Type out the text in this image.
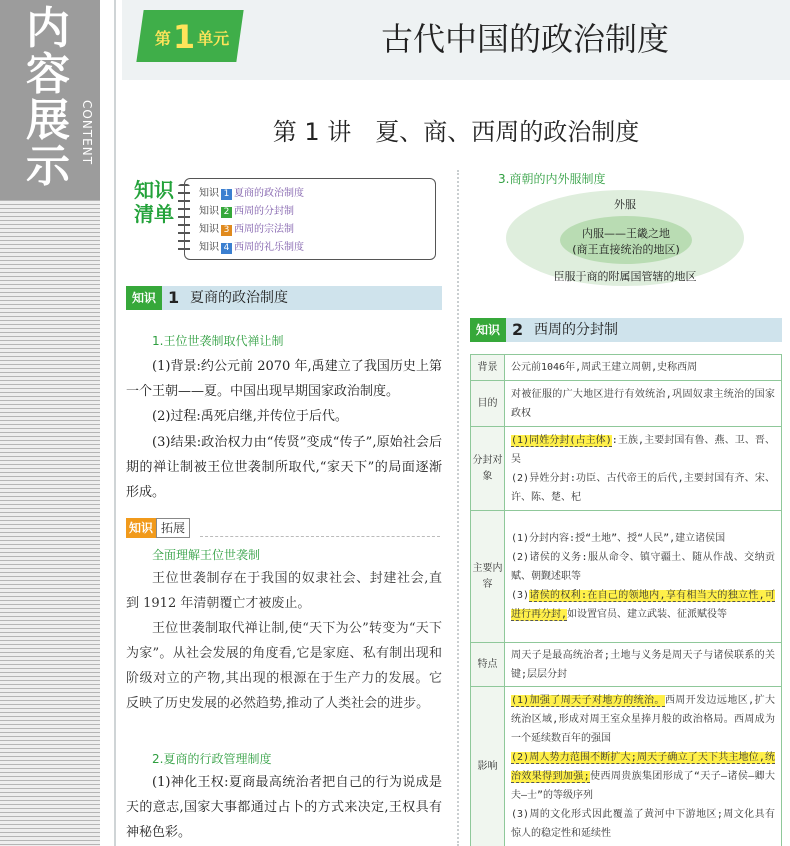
内容展示
CONTENT
第 1 单元	古代中国的政治制度
第 1 讲　夏、商、西周的政治制度
知识
清单
知识 1 夏商的政治制度
知识 2 西周的分封制
知识 3 西周的宗法制
知识 4 西周的礼乐制度
知识 1 夏商的政治制度
1.王位世袭制取代禅让制
(1)背景:约公元前 2070 年,禹建立了我国历史上第一个王朝——夏。中国出现早期国家政治制度。
(2)过程:禹死启继,并传位于后代。
(3)结果:政治权力由“传贤”变成“传子”,原始社会后期的禅让制被王位世袭制所取代,“家天下”的局面逐渐形成。
知识 拓展
全面理解王位世袭制
王位世袭制存在于我国的奴隶社会、封建社会,直到 1912 年清朝覆亡才被废止。
王位世袭制取代禅让制,使“天下为公”转变为“天下为家”。从社会发展的角度看,它是家庭、私有制出现和阶级对立的产物,其出现的根源在于生产力的发展。它反映了历史发展的必然趋势,推动了人类社会的进步。
2.夏商的行政管理制度
(1)神化王权:夏商最高统治者把自己的行为说成是天的意志,国家大事都通过占卜的方式来决定,王权具有神秘色彩。
3.商朝的内外服制度
外服
内服——王畿之地
(商王直接统治的地区)
臣服于商的附属国管辖的地区
知识 2 西周的分封制
背景	公元前1046年,周武王建立周朝,史称西周
目的	对被征服的广大地区进行有效统治,巩固奴隶主统治的国家政权
分封对象	(1)同姓分封(占主体):王族,主要封国有鲁、燕、卫、晋、吴
(2)异姓分封:功臣、古代帝王的后代,主要封国有齐、宋、许、陈、楚、杞

主要内容	(1)分封内容:授“土地”、授“人民”,建立诸侯国
(2)诸侯的义务:服从命令、镇守疆土、随从作战、交纳贡赋、朝觐述职等
(3)诸侯的权利:在自己的领地内,享有相当大的独立性,可进行再分封,如设置官员、建立武装、征派赋役等

特点	周天子是最高统治者;土地与义务是周天子与诸侯联系的关键;层层分封
影响	(1)加强了周天子对地方的统治。西周开发边远地区,扩大统治区域,形成对周王室众星捧月般的政治格局。西周成为一个延续数百年的强国
(2)周人势力范围不断扩大;周天子确立了天下共主地位,统治效果得到加强;使西周贵族集团形成了“天子—诸侯—卿大夫—士”的等级序列
(3)周的文化形式因此覆盖了黄河中下游地区;周文化具有惊人的稳定性和延续性
